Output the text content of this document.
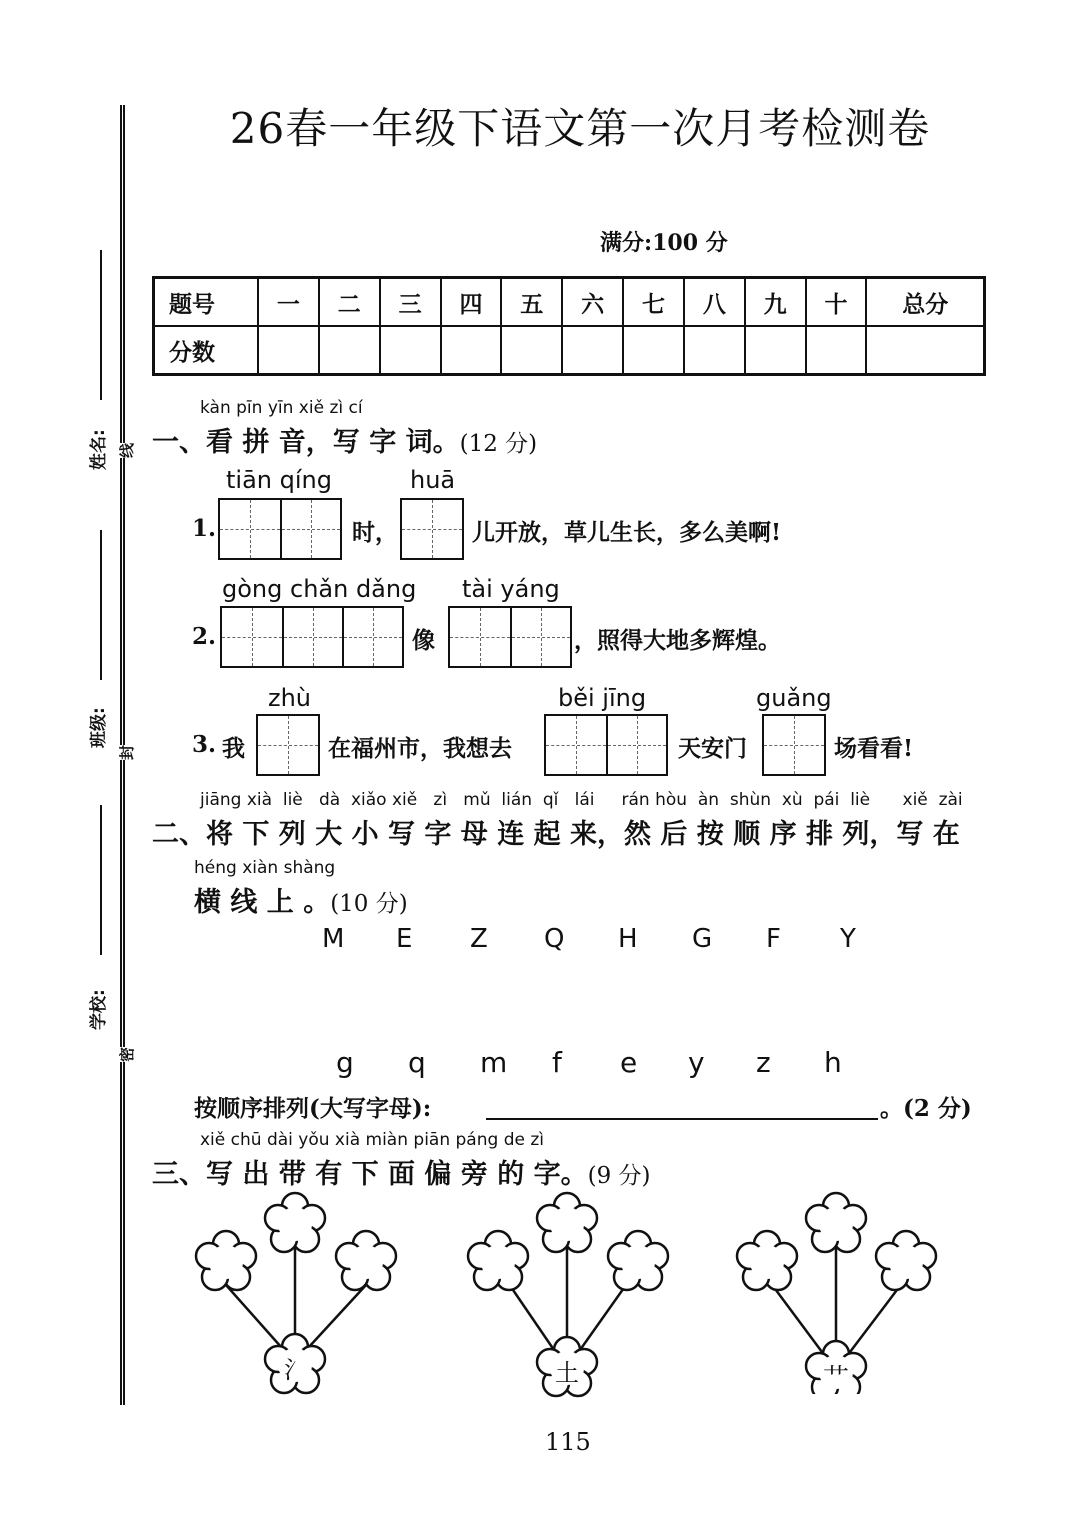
姓名:
班级:
学校:
线
封
密
26春一年级下语文第一次月考检测卷
满分:100 分
题号	一	二	三	四	五	六	七	八	九	十	总分
分数											
kàn pīn yīn xiě zì cí
一、看 拼 音，写 字 词。(12 分)
tiān qíng	huā
1.	时，	儿开放，草儿生长，多么美啊!
gòng chǎn dǎng tài yáng
2.	像	，照得大地多辉煌。
zhù	běi jīng	guǎng
3. 我	在福州市，我想去	天安门	场看看!
jiāng xià  liè   dà  xiǎo xiě   zì   mǔ  lián  qǐ   lái     rán hòu  àn  shùn  xù  pái  liè      xiě  zài
二、将 下 列 大 小 写 字 母 连 起 来，然 后 按 顺 序 排 列，写 在
héng xiàn shàng
横 线 上 。(10 分)
M	E	Z	Q	H	G	F	Y
g	q	m	f	e	y	z	h
按顺序排列(大写字母):	。(2 分)
xiě chū dài yǒu xià miàn piān páng de zì
三、写 出 带 有 下 面 偏 旁 的 字。(9 分)
氵	土	艹
115
